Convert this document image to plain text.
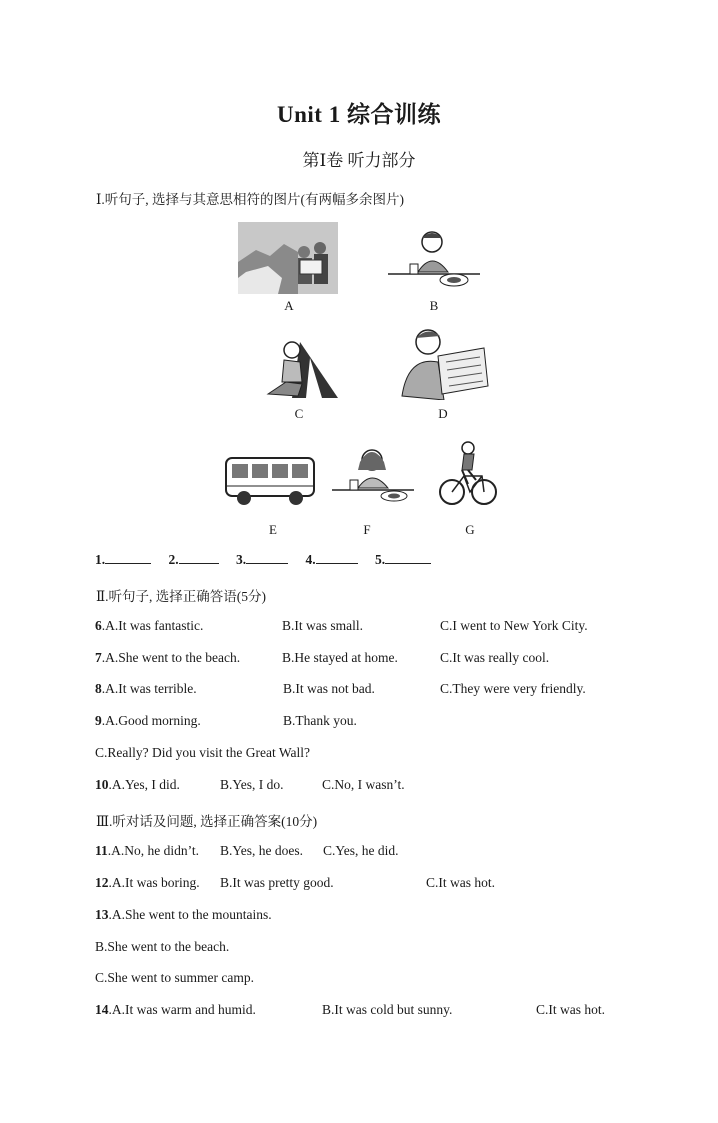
Unit 1 综合训练
第Ⅰ卷 听力部分
Ⅰ.听句子, 选择与其意思相符的图片(有两幅多余图片)
A	B
C	D
E	F	G
1.	2.	3.	4.	5.
Ⅱ.听句子, 选择正确答语(5分)
6.A.It was fantastic.	B.It was small.	C.I went to New York City.
7.A.She went to the beach.	B.He stayed at home.	C.It was really cool.
8.A.It was terrible.	B.It was not bad.	C.They were very friendly.
9.A.Good morning.	B.Thank you.
C.Really? Did you visit the Great Wall?
10.A.Yes, I did.	B.Yes, I do.	C.No, I wasn’t.
Ⅲ.听对话及问题, 选择正确答案(10分)
11.A.No, he didn’t. B.Yes, he does. C.Yes, he did.
12.A.It was boring. B.It was pretty good.	C.It was hot.
13.A.She went to the mountains.
B.She went to the beach.
C.She went to summer camp.
14.A.It was warm and humid.	B.It was cold but sunny.	C.It was hot.
